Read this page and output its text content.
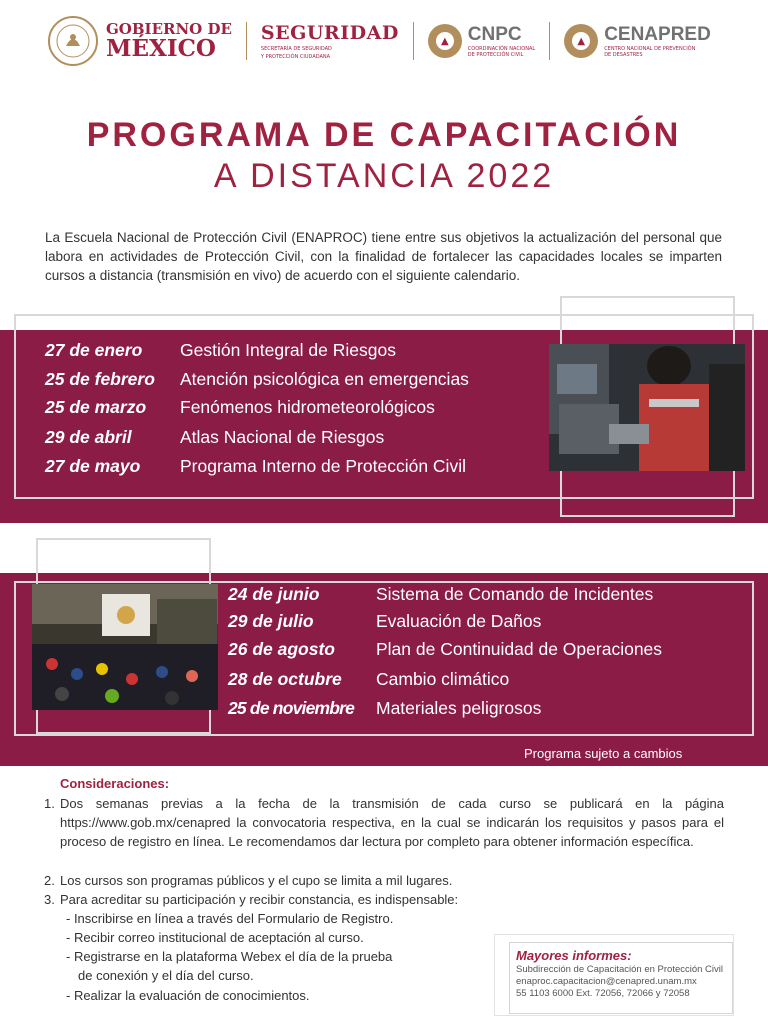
GOBIERNO DE
MÉXICO
SEGURIDAD
SECRETARÍA DE SEGURIDAD
Y PROTECCIÓN CIUDADANA
▲ CNPC
COORDINACIÓN NACIONAL
DE PROTECCIÓN CIVIL
▲ CENAPRED
CENTRO NACIONAL DE PREVENCIÓN
DE DESASTRES
PROGRAMA DE CAPACITACIÓN
A DISTANCIA 2022
La Escuela Nacional de Protección Civil (ENAPROC) tiene entre sus objetivos la actualización del personal que labora en actividades de Protección Civil, con la finalidad de fortalecer las capacidades locales se imparten cursos a distancia (transmisión en vivo) de acuerdo con el siguiente calendario.
27 de enero Gestión Integral de Riesgos
25 de febrero Atención psicológica en emergencias
25 de marzo Fenómenos hidrometeorológicos
29 de abril	Atlas Nacional de Riesgos
27 de mayo Programa Interno de Protección Civil
24 de junio	Sistema de Comando de Incidentes
29 de julio	Evaluación de Daños
26 de agosto Plan de Continuidad de Operaciones
28 de octubre Cambio climático
25 de noviembre Materiales peligrosos
Programa sujeto a cambios
Consideraciones:
1. Dos semanas previas a la fecha de la transmisión de cada curso se publicará en la página https://www.gob.mx/cenapred la convocatoria respectiva, en la cual se indicarán los requisitos y pasos para el proceso de registro en línea. Le recomendamos dar lectura por completo para obtener información específica.
2. Los cursos son programas públicos y el cupo se limita a mil lugares.
3. Para acreditar su participación y recibir constancia, es indispensable:
- Inscribirse en línea a través del Formulario de Registro.
- Recibir correo institucional de aceptación al curso.
- Registrarse en la plataforma Webex el día de la prueba
de conexión y el día del curso.
- Realizar la evaluación de conocimientos.
Mayores informes:
Subdirección de Capacitación en Protección Civil
enaproc.capacitacion@cenapred.unam.mx
55 1103 6000 Ext. 72056, 72066 y 72058
